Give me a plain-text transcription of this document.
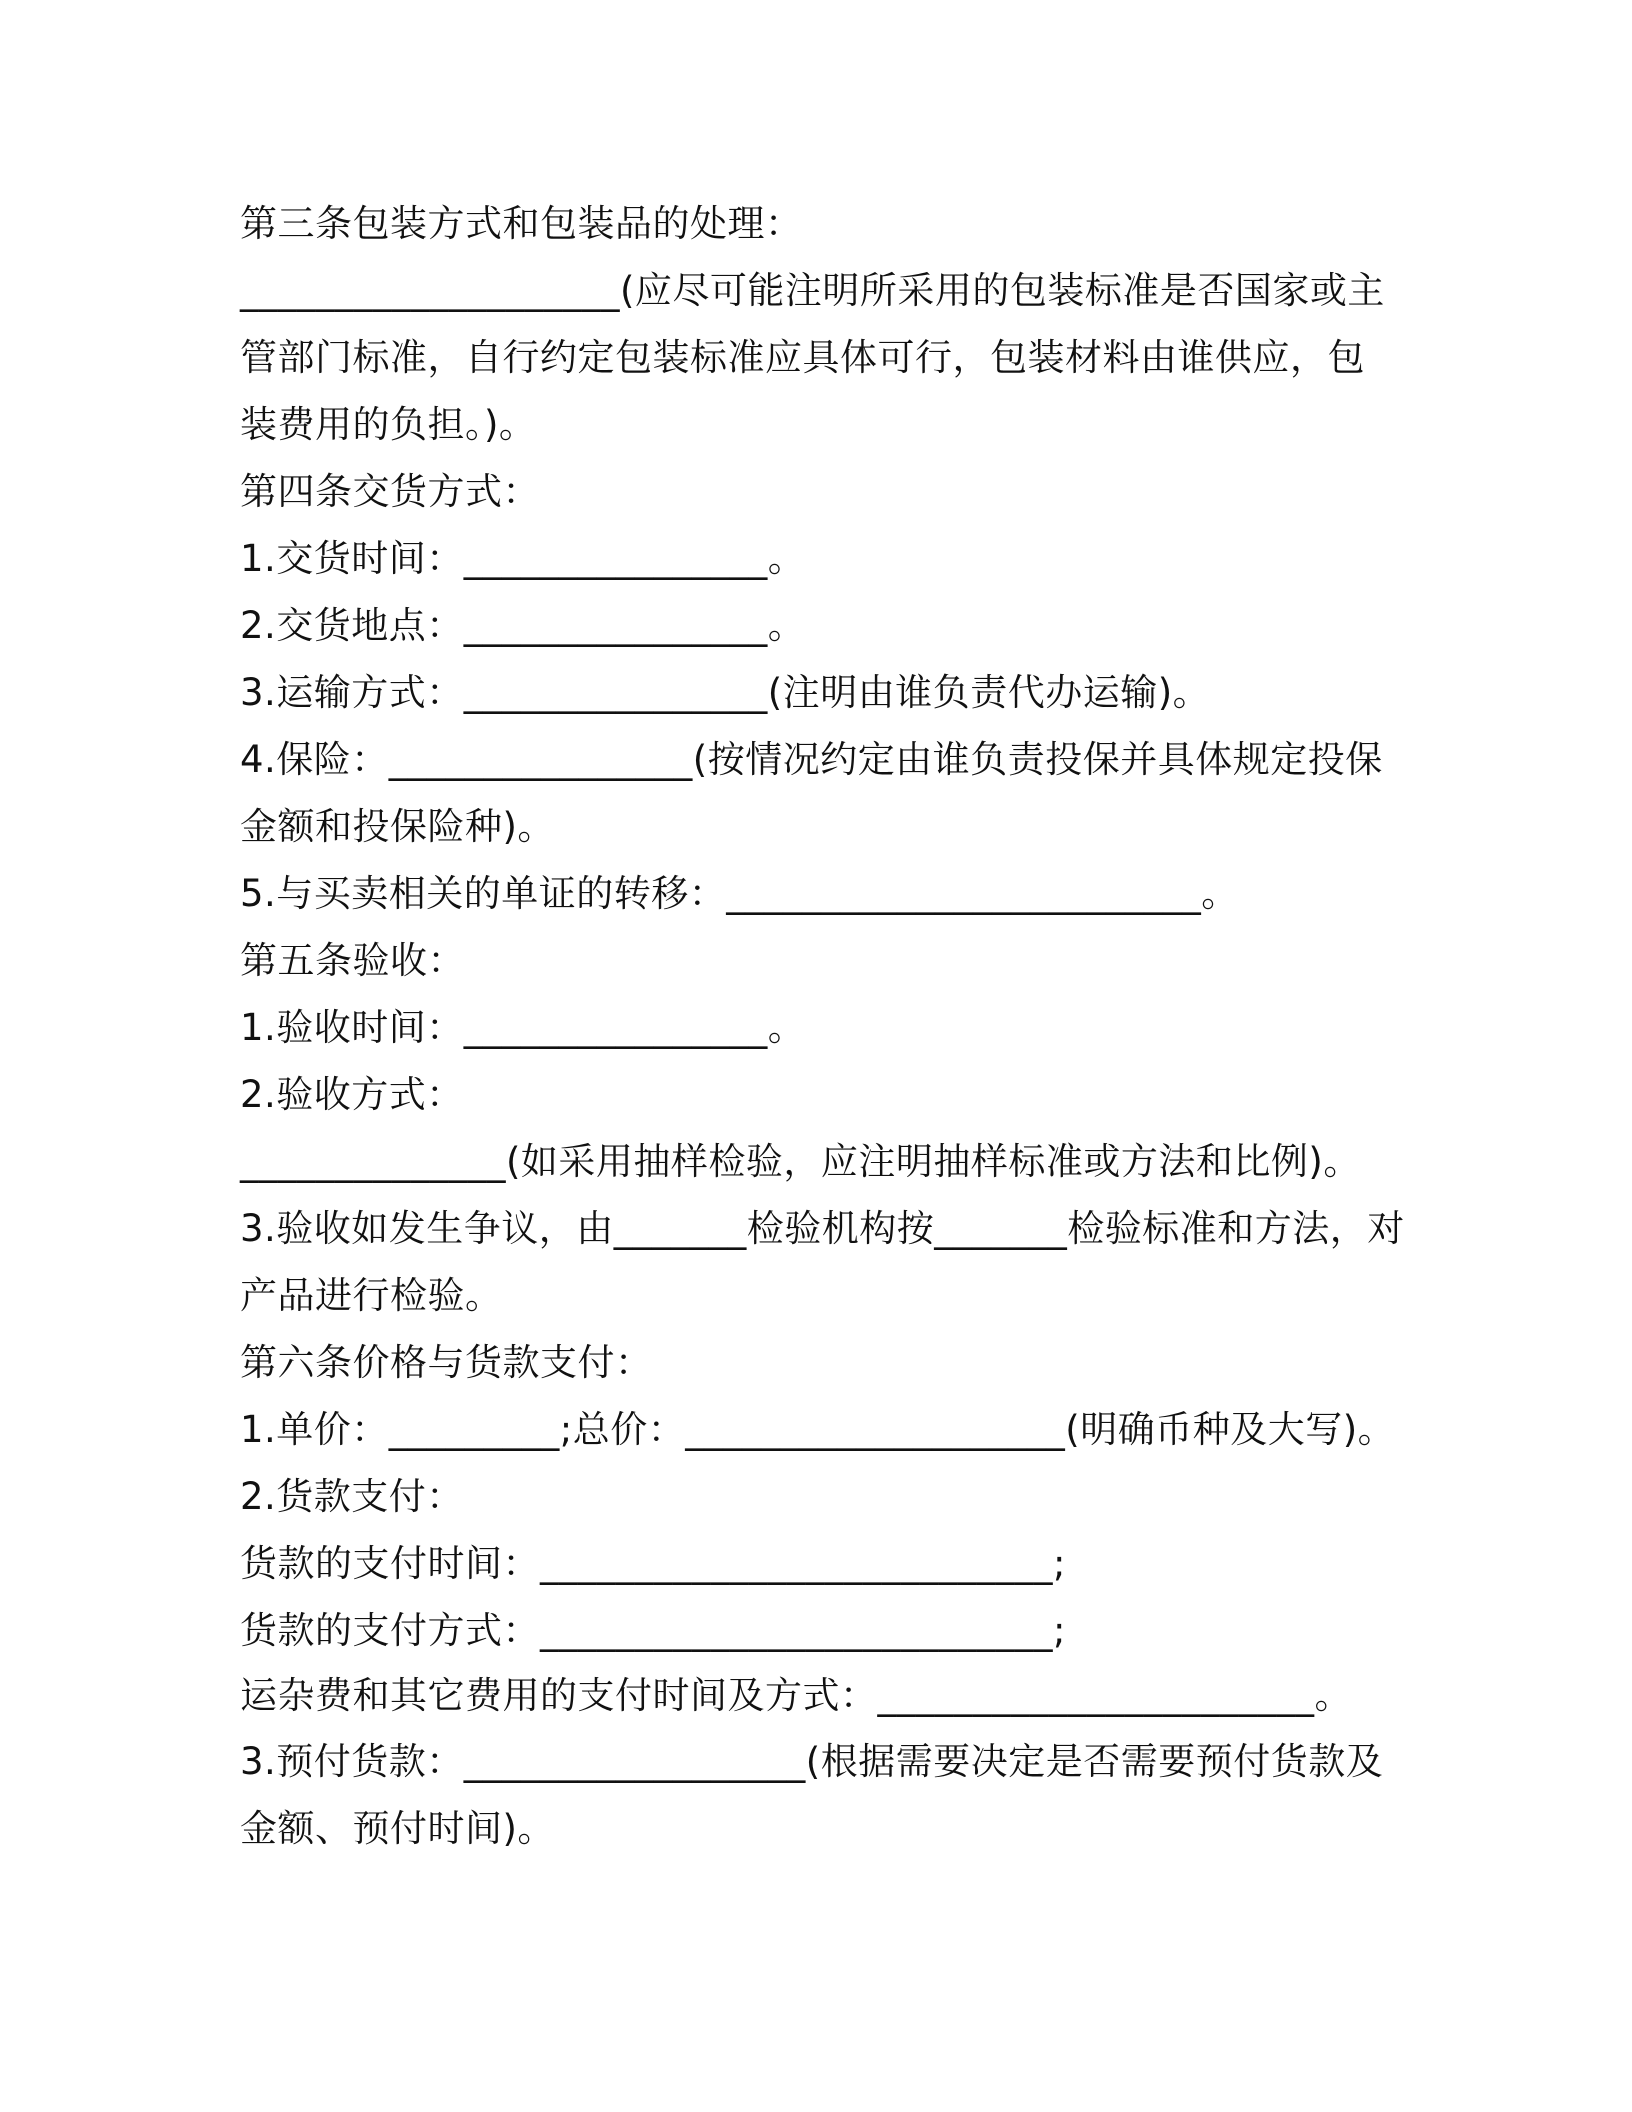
第三条包装方式和包装品的处理：
____________________(应尽可能注明所采用的包装标准是否国家或主
管部门标准，自行约定包装标准应具体可行，包装材料由谁供应，包
装费用的负担。)。
第四条交货方式：
1.交货时间：________________。
2.交货地点：________________。
3.运输方式：________________(注明由谁负责代办运输)。
4.保险：________________(按情况约定由谁负责投保并具体规定投保
金额和投保险种)。
5.与买卖相关的单证的转移：_________________________。
第五条验收：
1.验收时间：________________。
2.验收方式：
______________(如采用抽样检验，应注明抽样标准或方法和比例)。
3.验收如发生争议，由_______检验机构按_______检验标准和方法，对
产品进行检验。
第六条价格与货款支付：
1.单价：_________;总价：____________________(明确币种及大写)。
2.货款支付：
货款的支付时间：___________________________;
货款的支付方式：___________________________;
运杂费和其它费用的支付时间及方式：_______________________。
3.预付货款：__________________(根据需要决定是否需要预付货款及
金额、预付时间)。
